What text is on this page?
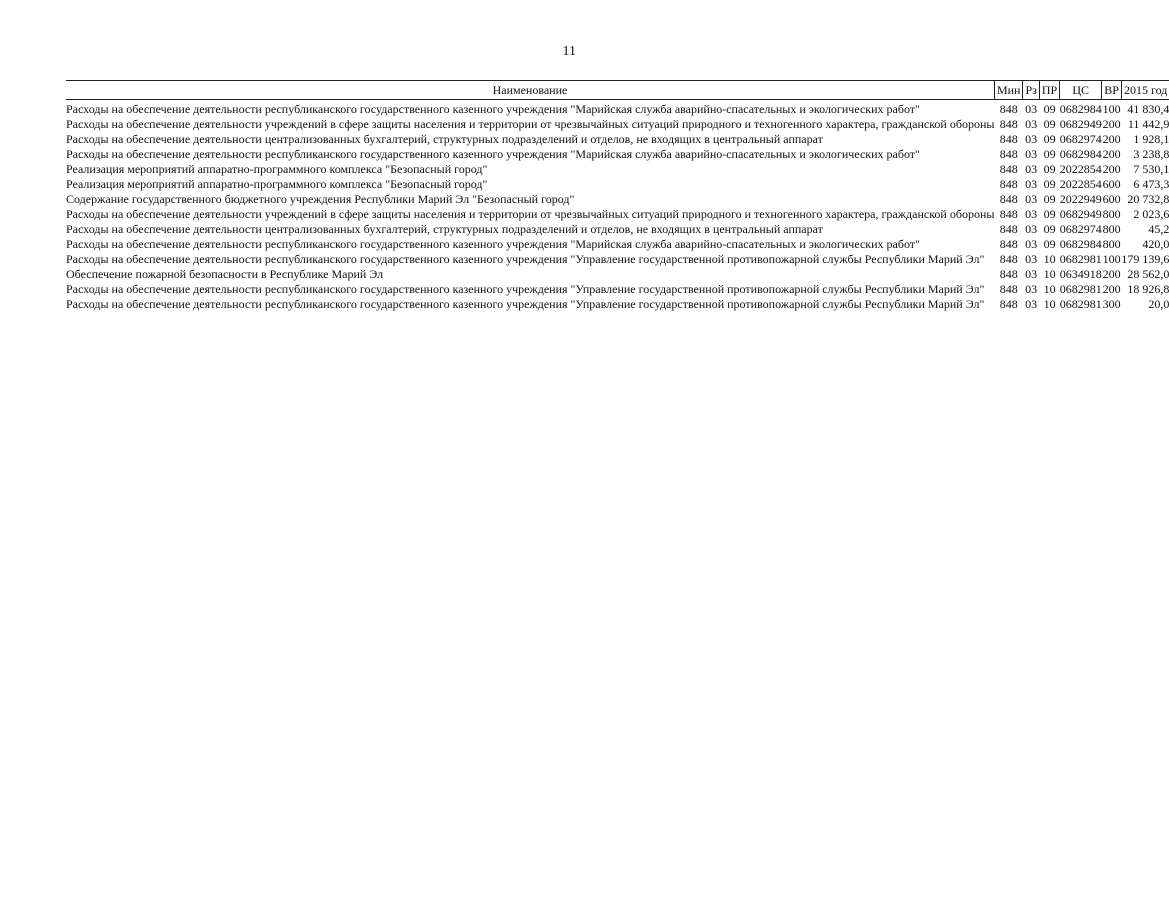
11
Наименование	Мин	Рз	ПР	ЦС	ВР	2015 год
Расходы на обеспечение деятельности республиканского государственного казенного учреждения "Марийская служба аварийно-спасательных и экологических работ"	848	03	09	0682984	100	41 830,4
Расходы на обеспечение деятельности учреждений в сфере защиты населения и территории от чрезвычайных ситуаций природного и техногенного характера, гражданской обороны	848	03	09	0682949	200	11 442,9
Расходы на обеспечение деятельности централизованных бухгалтерий, структурных подразделений и отделов, не входящих в центральный аппарат	848	03	09	0682974	200	1 928,1
Расходы на обеспечение деятельности республиканского государственного казенного учреждения "Марийская служба аварийно-спасательных и экологических работ"	848	03	09	0682984	200	3 238,8
Реализация мероприятий аппаратно-программного комплекса "Безопасный город"	848	03	09	2022854	200	7 530,1
Реализация мероприятий аппаратно-программного комплекса "Безопасный город"	848	03	09	2022854	600	6 473,3
Содержание государственного бюджетного учреждения Республики Марий Эл "Безопасный город"	848	03	09	2022949	600	20 732,8
Расходы на обеспечение деятельности учреждений в сфере защиты населения и территории от чрезвычайных ситуаций природного и техногенного характера, гражданской обороны	848	03	09	0682949	800	2 023,6
Расходы на обеспечение деятельности централизованных бухгалтерий, структурных подразделений и отделов, не входящих в центральный аппарат	848	03	09	0682974	800	45,2
Расходы на обеспечение деятельности республиканского государственного казенного учреждения "Марийская служба аварийно-спасательных и экологических работ"	848	03	09	0682984	800	420,0
Расходы на обеспечение деятельности республиканского государственного казенного учреждения "Управление государственной противопожарной службы Республики Марий Эл"	848	03	10	0682981	100	179 139,6
Обеспечение пожарной безопасности в Республике Марий Эл	848	03	10	0634918	200	28 562,0
Расходы на обеспечение деятельности республиканского государственного казенного учреждения "Управление государственной противопожарной службы Республики Марий Эл"	848	03	10	0682981	200	18 926,8
Расходы на обеспечение деятельности республиканского государственного казенного учреждения "Управление государственной противопожарной службы Республики Марий Эл"	848	03	10	0682981	300	20,0
